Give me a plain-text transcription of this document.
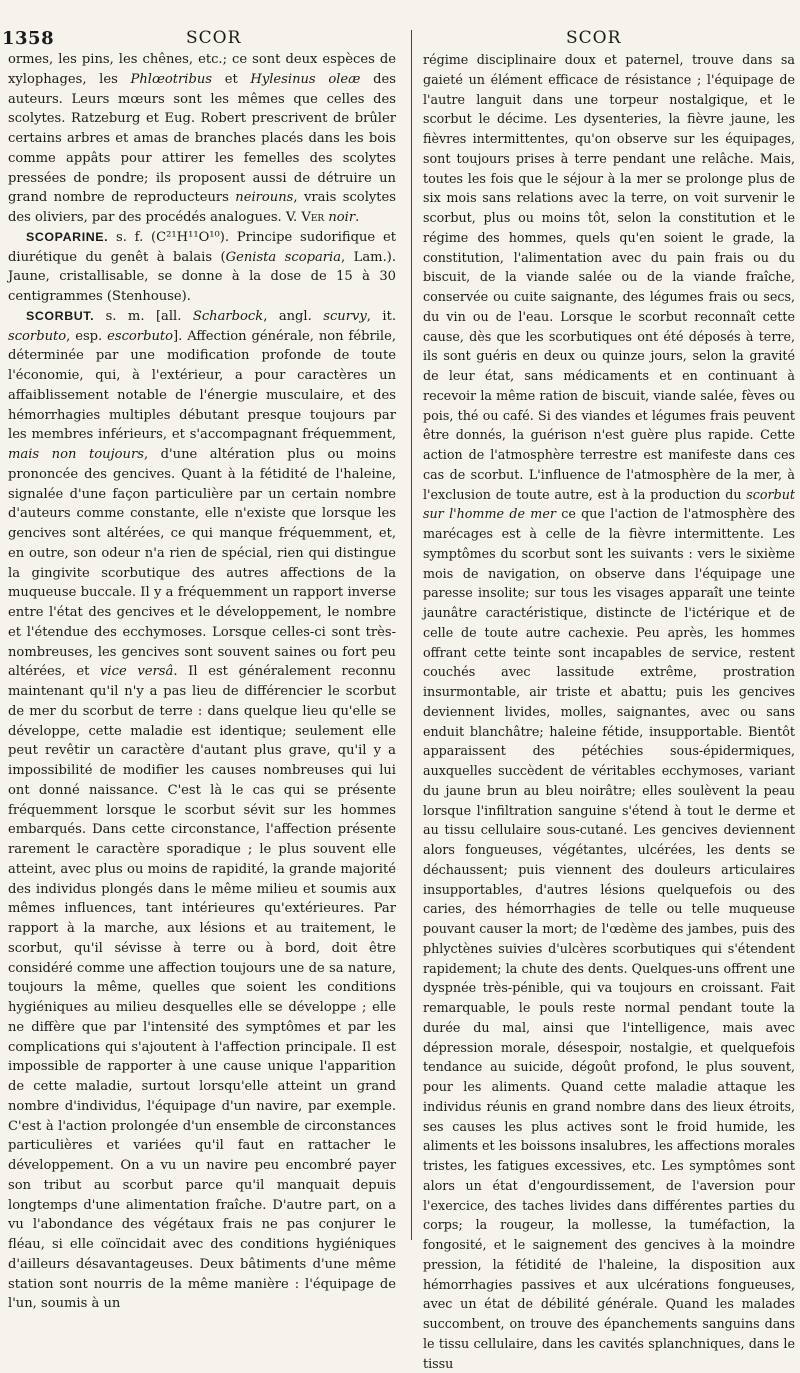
1358	SCOR	SCOR

ormes, les pins, les chênes, etc.; ce sont deux espèces de xylophages, les Phlœotribus et Hylesinus oleæ des auteurs. Leurs mœurs sont les mêmes que celles des scolytes. Ratzeburg et Eug. Robert prescrivent de brûler certains arbres et amas de branches placés dans les bois comme appâts pour attirer les femelles des scolytes pressées de pondre; ils proposent aussi de détruire un grand nombre de reproducteurs neirouns, vrais scolytes des oliviers, par des procédés analogues. V. Ver noir.

SCOPARINE. s. f. (C²¹H¹¹O¹⁰). Principe sudorifique et diurétique du genêt à balais (Genista scoparia, Lam.). Jaune, cristallisable, se donne à la dose de 15 à 30 centigrammes (Stenhouse).

SCORBUT. s. m. [all. Scharbock, angl. scurvy, it. scorbuto, esp. escorbuto]. Affection générale, non fébrile, déterminée par une modification profonde de toute l'économie, qui, à l'extérieur, a pour caractères un affaiblissement notable de l'énergie musculaire, et des hémorrhagies multiples débutant presque toujours par les membres inférieurs, et s'accompagnant fréquemment, mais non toujours, d'une altération plus ou moins prononcée des gencives. Quant à la fétidité de l'haleine, signalée d'une façon particulière par un certain nombre d'auteurs comme constante, elle n'existe que lorsque les gencives sont altérées, ce qui manque fréquemment, et, en outre, son odeur n'a rien de spécial, rien qui distingue la gingivite scorbutique des autres affections de la muqueuse buccale. Il y a fréquemment un rapport inverse entre l'état des gencives et le développement, le nombre et l'étendue des ecchymoses. Lorsque celles-ci sont très-nombreuses, les gencives sont souvent saines ou fort peu altérées, et vice versâ. Il est généralement reconnu maintenant qu'il n'y a pas lieu de différencier le scorbut de mer du scorbut de terre : dans quelque lieu qu'elle se développe, cette maladie est identique; seulement elle peut revêtir un caractère d'autant plus grave, qu'il y a impossibilité de modifier les causes nombreuses qui lui ont donné naissance. C'est là le cas qui se présente fréquemment lorsque le scorbut sévit sur les hommes embarqués. Dans cette circonstance, l'affection présente rarement le caractère sporadique ; le plus souvent elle atteint, avec plus ou moins de rapidité, la grande majorité des individus plongés dans le même milieu et soumis aux mêmes influences, tant intérieures qu'extérieures. Par rapport à la marche, aux lésions et au traitement, le scorbut, qu'il sévisse à terre ou à bord, doit être considéré comme une affection toujours une de sa nature, toujours la même, quelles que soient les conditions hygiéniques au milieu desquelles elle se développe ; elle ne diffère que par l'intensité des symptômes et par les complications qui s'ajoutent à l'affection principale. Il est impossible de rapporter à une cause unique l'apparition de cette maladie, surtout lorsqu'elle atteint un grand nombre d'individus, l'équipage d'un navire, par exemple. C'est à l'action prolongée d'un ensemble de circonstances particulières et variées qu'il faut en rattacher le développement. On a vu un navire peu encombré payer son tribut au scorbut parce qu'il manquait depuis longtemps d'une alimentation fraîche. D'autre part, on a vu l'abondance des végétaux frais ne pas conjurer le fléau, si elle coïncidait avec des conditions hygiéniques d'ailleurs désavantageuses. Deux bâtiments d'une même station sont nourris de la même manière : l'équipage de l'un, soumis à un

régime disciplinaire doux et paternel, trouve dans sa gaieté un élément efficace de résistance ; l'équipage de l'autre languit dans une torpeur nostalgique, et le scorbut le décime. Les dysenteries, la fièvre jaune, les fièvres intermittentes, qu'on observe sur les équipages, sont toujours prises à terre pendant une relâche. Mais, toutes les fois que le séjour à la mer se prolonge plus de six mois sans relations avec la terre, on voit survenir le scorbut, plus ou moins tôt, selon la constitution et le régime des hommes, quels qu'en soient le grade, la constitution, l'alimentation avec du pain frais ou du biscuit, de la viande salée ou de la viande fraîche, conservée ou cuite saignante, des légumes frais ou secs, du vin ou de l'eau. Lorsque le scorbut reconnaît cette cause, dès que les scorbutiques ont été déposés à terre, ils sont guéris en deux ou quinze jours, selon la gravité de leur état, sans médicaments et en continuant à recevoir la même ration de biscuit, viande salée, fèves ou pois, thé ou café. Si des viandes et légumes frais peuvent être donnés, la guérison n'est guère plus rapide. Cette action de l'atmosphère terrestre est manifeste dans ces cas de scorbut. L'influence de l'atmosphère de la mer, à l'exclusion de toute autre, est à la production du scorbut sur l'homme de mer ce que l'action de l'atmosphère des marécages est à celle de la fièvre intermittente. Les symptômes du scorbut sont les suivants : vers le sixième mois de navigation, on observe dans l'équipage une paresse insolite; sur tous les visages apparaît une teinte jaunâtre caractéristique, distincte de l'ictérique et de celle de toute autre cachexie. Peu après, les hommes offrant cette teinte sont incapables de service, restent couchés avec lassitude extrême, prostration insurmontable, air triste et abattu; puis les gencives deviennent livides, molles, saignantes, avec ou sans enduit blanchâtre; haleine fétide, insupportable. Bientôt apparaissent des pétéchies sous-épidermiques, auxquelles succèdent de véritables ecchymoses, variant du jaune brun au bleu noirâtre; elles soulèvent la peau lorsque l'infiltration sanguine s'étend à tout le derme et au tissu cellulaire sous-cutané. Les gencives deviennent alors fongueuses, végétantes, ulcérées, les dents se déchaussent; puis viennent des douleurs articulaires insupportables, d'autres lésions quelquefois ou des caries, des hémorrhagies de telle ou telle muqueuse pouvant causer la mort; de l'œdème des jambes, puis des phlyctènes suivies d'ulcères scorbutiques qui s'étendent rapidement; la chute des dents. Quelques-uns offrent une dyspnée très-pénible, qui va toujours en croissant. Fait remarquable, le pouls reste normal pendant toute la durée du mal, ainsi que l'intelligence, mais avec dépression morale, désespoir, nostalgie, et quelquefois tendance au suicide, dégoût profond, le plus souvent, pour les aliments. Quand cette maladie attaque les individus réunis en grand nombre dans des lieux étroits, ses causes les plus actives sont le froid humide, les aliments et les boissons insalubres, les affections morales tristes, les fatigues excessives, etc. Les symptômes sont alors un état d'engourdissement, de l'aversion pour l'exercice, des taches livides dans différentes parties du corps; la rougeur, la mollesse, la tuméfaction, la fongosité, et le saignement des gencives à la moindre pression, la fétidité de l'haleine, la disposition aux hémorrhagies passives et aux ulcérations fongueuses, avec un état de débilité générale. Quand les malades succombent, on trouve des épanchements sanguins dans le tissu cellulaire, dans les cavités splanchniques, dans le tissu
